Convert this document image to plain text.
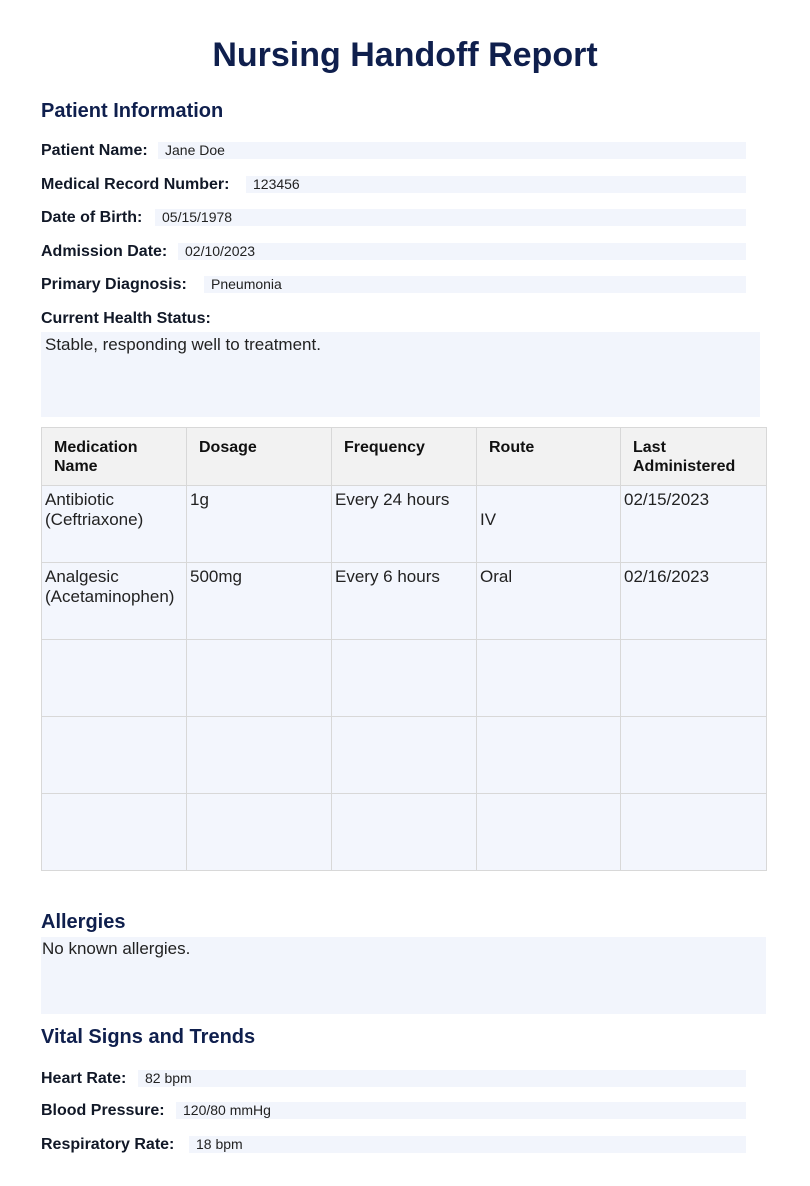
Nursing Handoff Report
Patient Information
Patient Name:	Jane Doe
Medical Record Number:	123456
Date of Birth:	05/15/1978
Admission Date:	02/10/2023
Primary Diagnosis:	Pneumonia
Current Health Status:
Stable, responding well to treatment.
Medication Name	Dosage	Frequency	Route	Last Administered
Antibiotic (Ceftriaxone)	1g	Every 24 hours	IV	02/15/2023
Analgesic (Acetaminophen)	500mg	Every 6 hours	Oral	02/16/2023

Allergies
No known allergies.
Vital Signs and Trends
Heart Rate:	82 bpm
Blood Pressure:	120/80 mmHg
Respiratory Rate:	18 bpm
